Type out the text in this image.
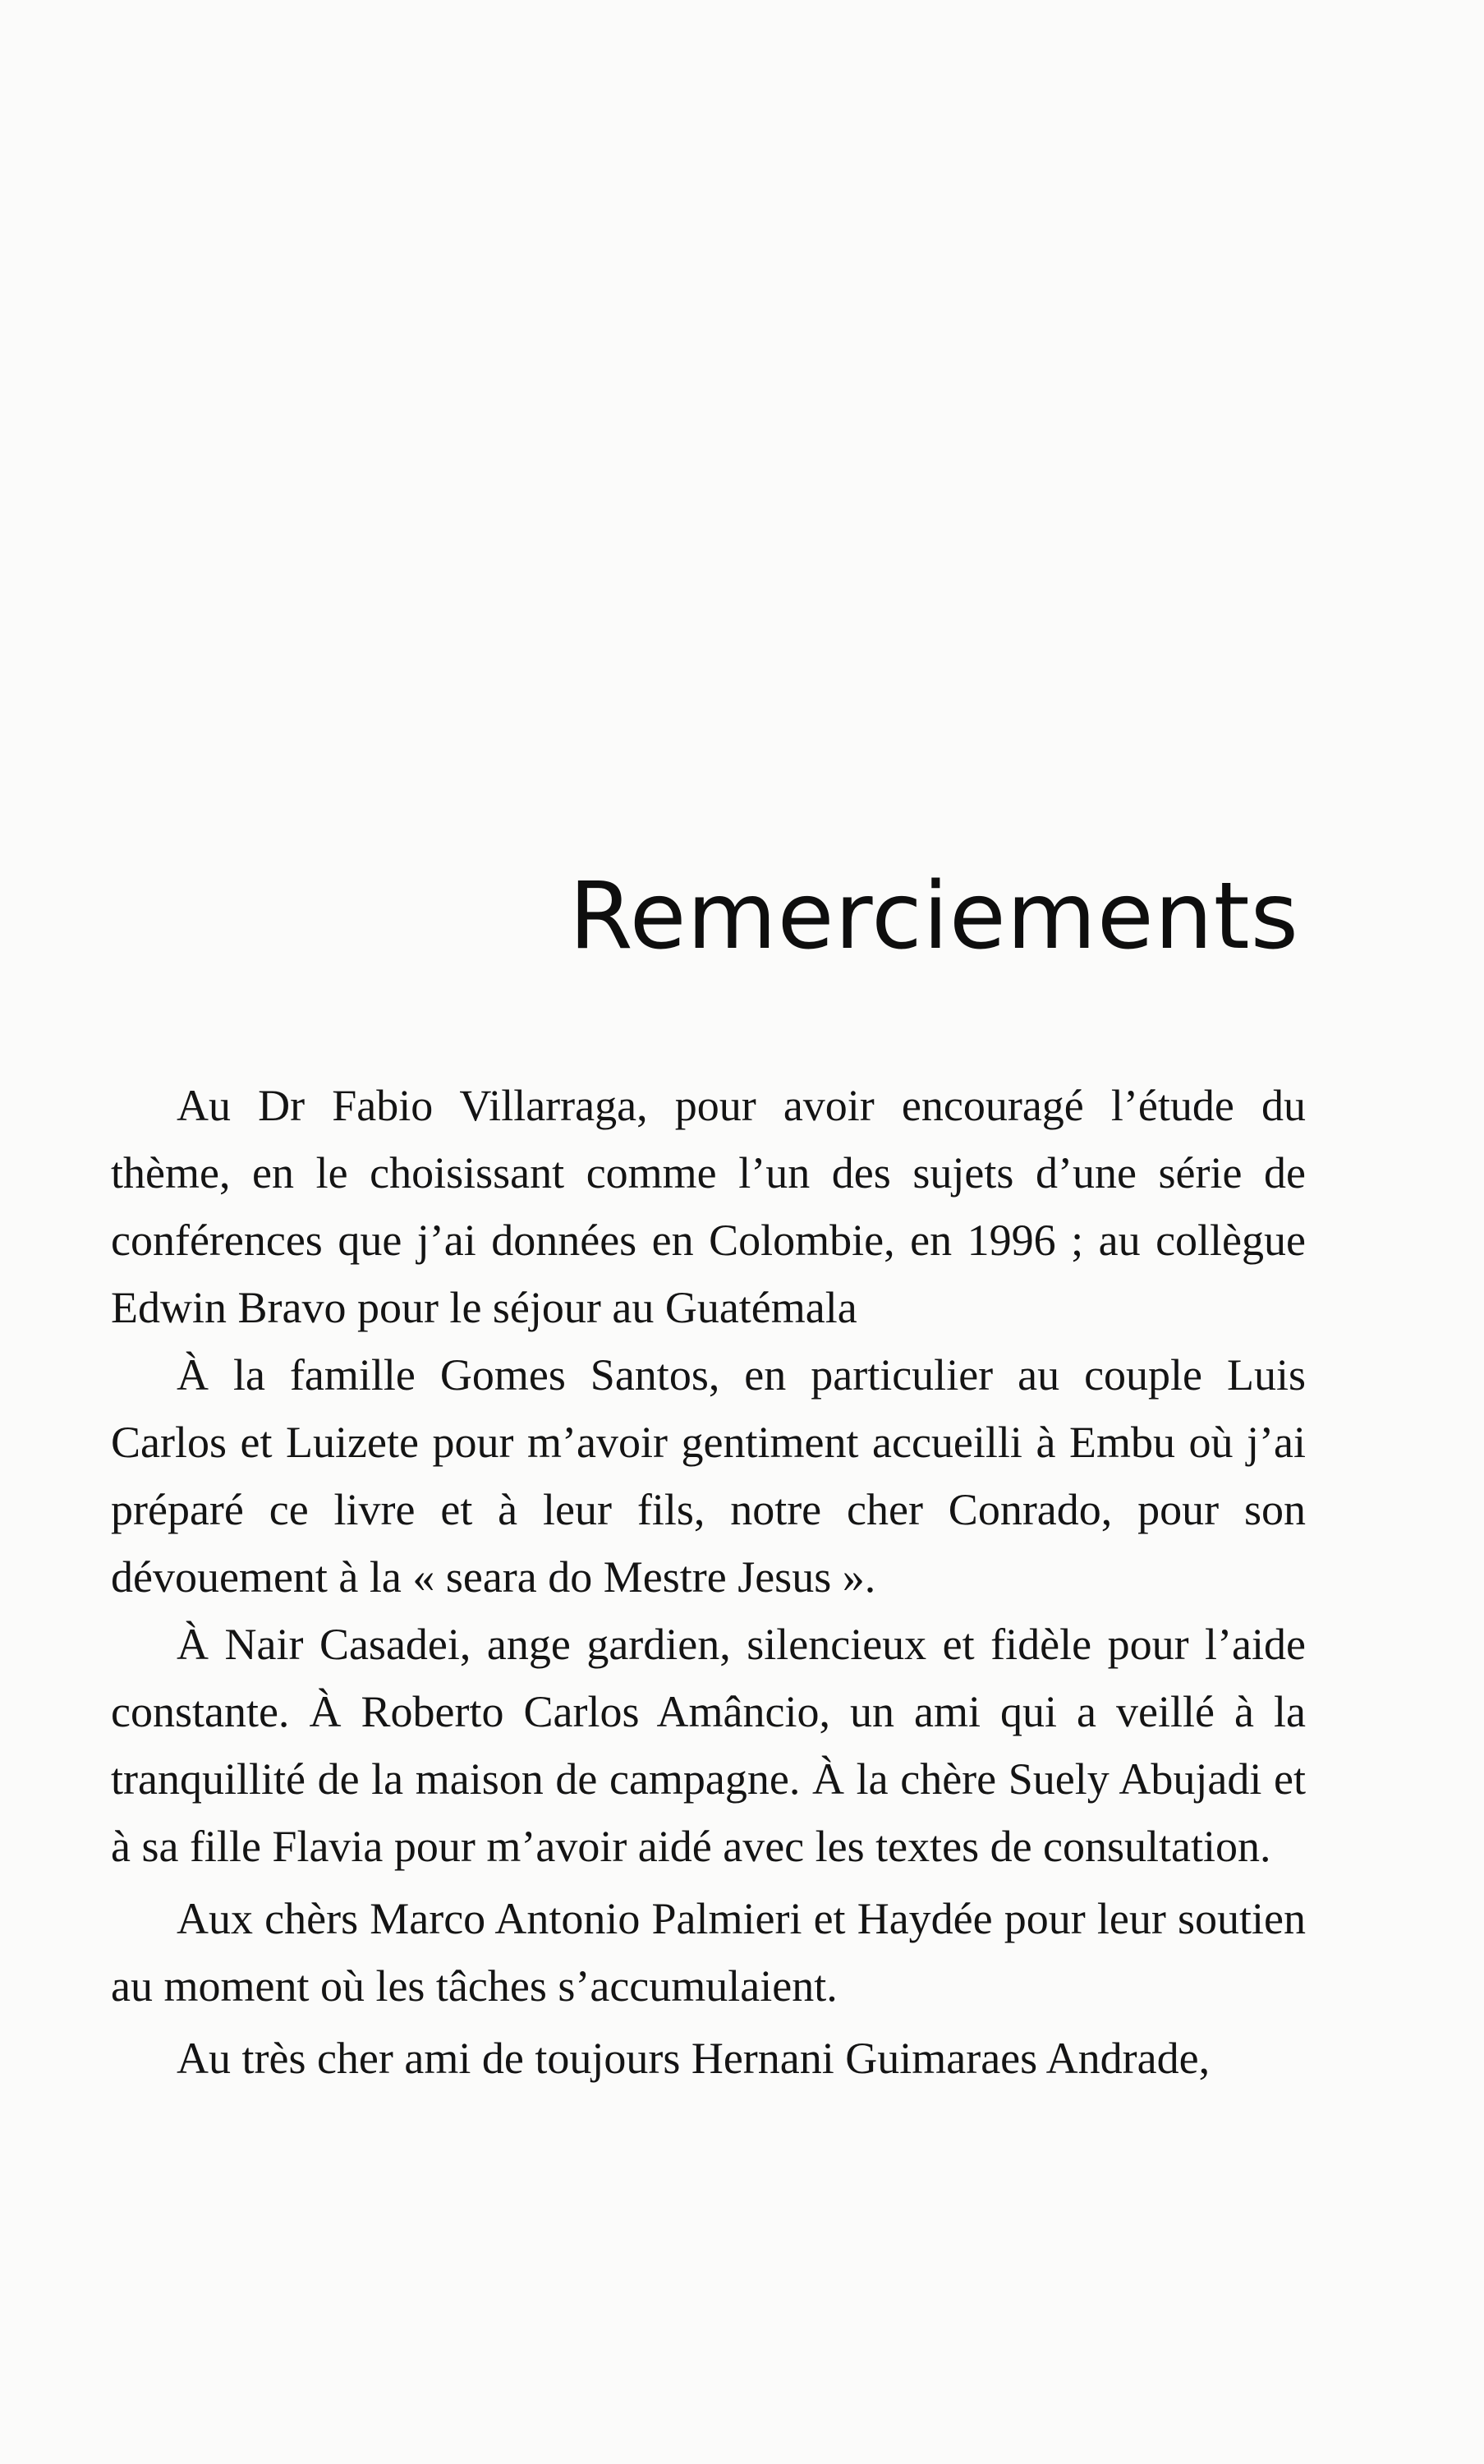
Remerciements

Au Dr Fabio Villarraga, pour avoir encouragé l’étude du thème, en le choisissant comme l’un des sujets d’une série de conférences que j’ai données en Colombie, en 1996 ; au collègue Edwin Bravo pour le séjour au Guatémala

À la famille Gomes Santos, en particulier au couple Luis Carlos et Luizete pour m’avoir gentiment accueilli à Embu où j’ai préparé ce livre et à leur fils, notre cher Conrado, pour son dévouement à la « seara do Mestre Jesus ».

À Nair Casadei, ange gardien, silencieux et fidèle pour l’aide constante. À Roberto Carlos Amâncio, un ami qui a veillé à la tranquillité de la maison de campagne. À la chère Suely Abujadi et à sa fille Flavia pour m’avoir aidé avec les textes de consultation.

Aux chèrs Marco Antonio Palmieri et Haydée pour leur soutien au moment où les tâches s’accumulaient.

Au très cher ami de toujours Hernani Guimaraes Andrade,
